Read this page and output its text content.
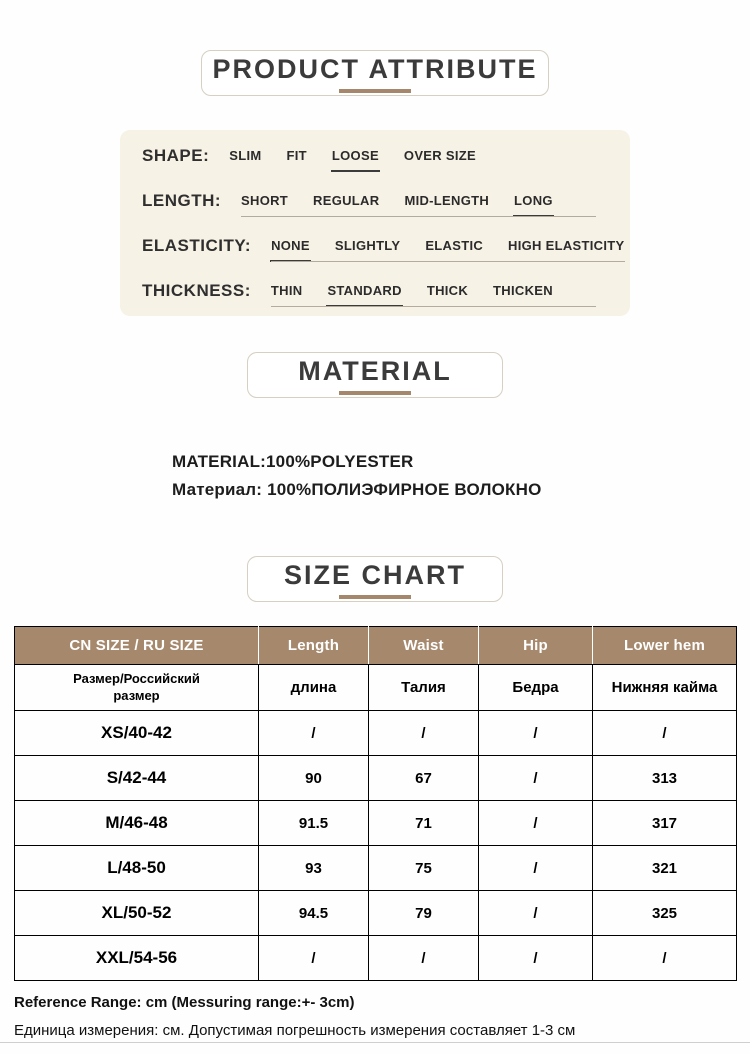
PRODUCT ATTRIBUTE
SHAPE: SLIM FIT LOOSE OVER SIZE
LENGTH: SHORT REGULAR MID-LENGTH LONG
ELASTICITY: NONE SLIGHTLY ELASTIC HIGH ELASTICITY
THICKNESS: THIN STANDARD THICK THICKEN
MATERIAL
MATERIAL:100%POLYESTER
Материал: 100%ПОЛИЭФИРНОЕ ВОЛОКНО
SIZE CHART
CN SIZE / RU SIZE	Length	Waist	Hip	Lower hem

Размер/Российский
размер	длина	Талия	Бедра	Нижняя кайма
XS/40-42	/	/	/	/
S/42-44	90	67	/	313
M/46-48	91.5	71	/	317
L/48-50	93	75	/	321
XL/50-52	94.5	79	/	325
XXL/54-56	/	/	/	/
Reference Range: cm (Messuring range:+- 3cm)
Единица измерения: см. Допустимая погрешность измерения составляет 1-3 см
